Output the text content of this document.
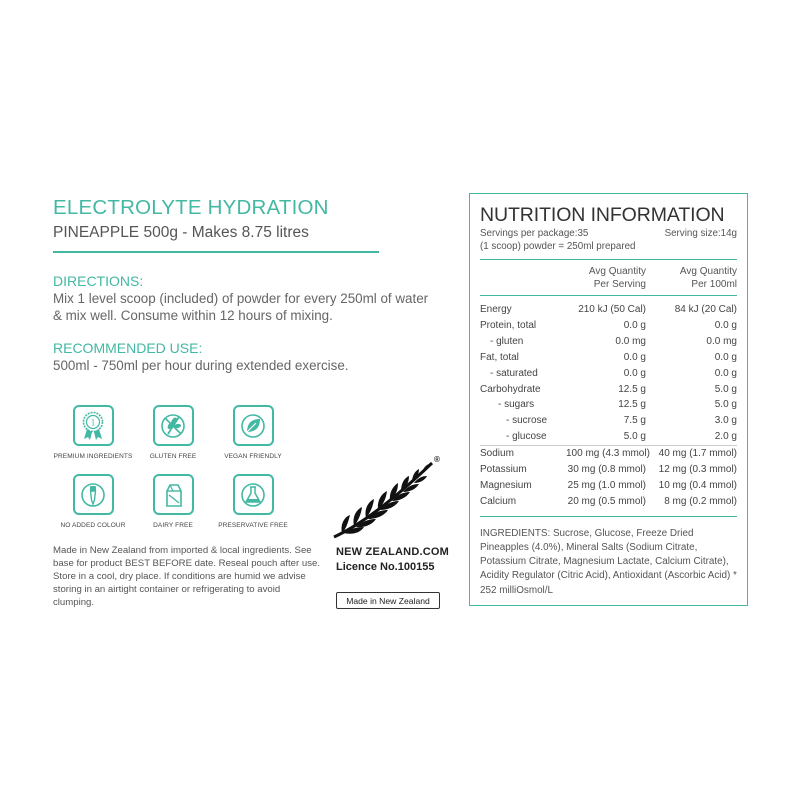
ELECTROLYTE HYDRATION
PINEAPPLE 500g - Makes 8.75 litres
DIRECTIONS:
Mix 1 level scoop (included) of powder for every 250ml of water & mix well. Consume within 12 hours of mixing.
RECOMMENDED USE:
500ml - 750ml per hour during extended exercise.
1
PREMIUM INGREDIENTS	GLUTEN FREE	VEGAN FRIENDLY
NO ADDED COLOUR	DAIRY FREE	PRESERVATIVE FREE
Made in New Zealand from imported & local ingredients. See base for product BEST BEFORE date. Reseal pouch after use. Store in a cool, dry place. If conditions are humid we advise storing in an airtight container or refrigerating to avoid clumping.
®
NEW ZEALAND.COM
Licence No.100155
Made in New Zealand
NUTRITION INFORMATION
Servings per package:35	Serving size:14g
(1 scoop) powder = 250ml prepared
Avg Quantity
Per Serving
Avg Quantity
Per 100ml
Energy	210 kJ (50 Cal)	84 kJ (20 Cal)
Protein, total	0.0 g	0.0 g
- gluten	0.0 mg	0.0 mg
Fat, total	0.0 g	0.0 g
- saturated	0.0 g	0.0 g
Carbohydrate	12.5 g	5.0 g
- sugars	12.5 g	5.0 g
- sucrose	7.5 g	3.0 g
- glucose	5.0 g	2.0 g
Sodium	100 mg (4.3 mmol) 40 mg (1.7 mmol)
Potassium	30 mg (0.8 mmol)	12 mg (0.3 mmol)
Magnesium	25 mg (1.0 mmol)	10 mg (0.4 mmol)
Calcium	20 mg (0.5 mmol)	8 mg (0.2 mmol)
INGREDIENTS: Sucrose, Glucose, Freeze Dried Pineapples (4.0%), Mineral Salts (Sodium Citrate, Potassium Citrate, Magnesium Lactate, Calcium Citrate), Acidity Regulator (Citric Acid), Antioxidant (Ascorbic Acid) * 252 milliOsmol/L
